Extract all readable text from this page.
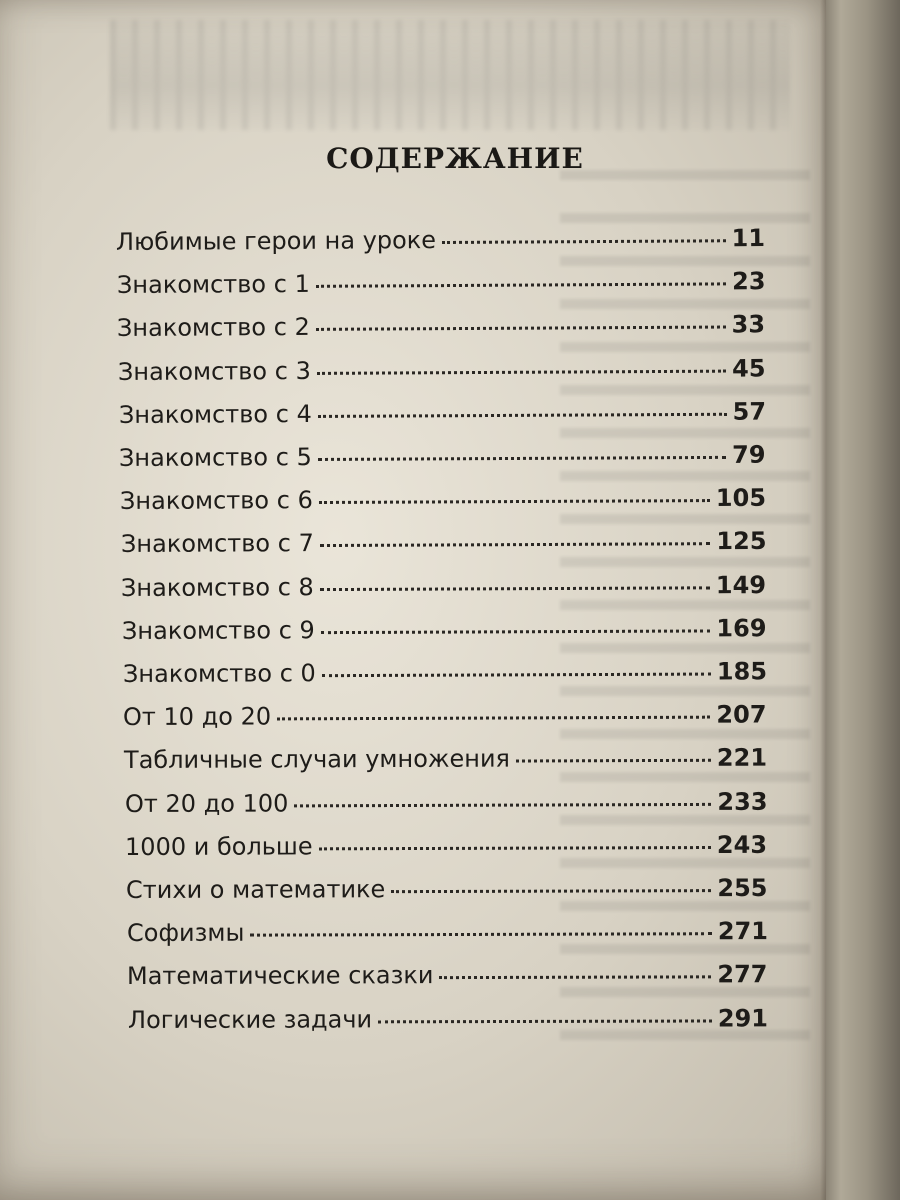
СОДЕРЖАНИЕ
Любимые герои на уроке	11
Знакомство с 1	23
Знакомство с 2	33
Знакомство с 3	45
Знакомство с 4	57
Знакомство с 5	79
Знакомство с 6	105
Знакомство с 7	125
Знакомство с 8	149
Знакомство с 9	169
Знакомство с 0	185
От 10 до 20	207
Табличные случаи умножения	221
От 20 до 100	233
1000 и больше	243
Стихи о математике	255
Софизмы	271
Математические сказки	277
Логические задачи	291
